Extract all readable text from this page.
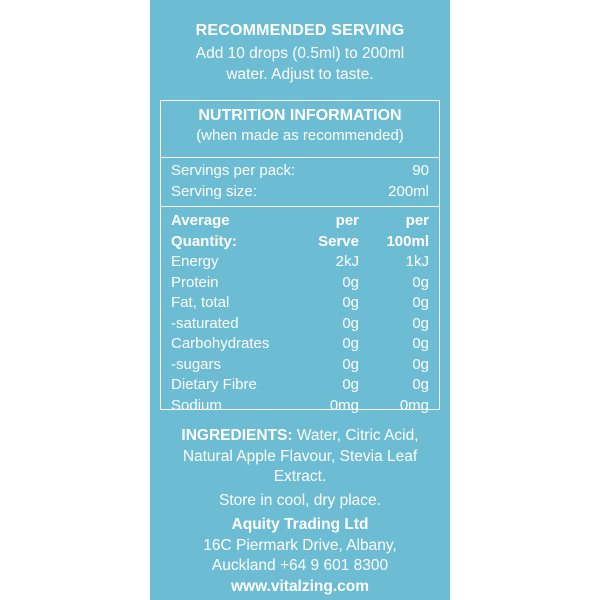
RECOMMENDED SERVING
Add 10 drops (0.5ml) to 200ml
water. Adjust to taste.
NUTRITION INFORMATION
(when made as recommended)
Servings per pack:	90
Serving size:	200ml
Average	per	per
Quantity:	Serve	100ml
Energy	2kJ	1kJ
Protein	0g	0g
Fat, total	0g	0g
-saturated	0g	0g
Carbohydrates	0g	0g
-sugars	0g	0g
Dietary Fibre	0g	0g
Sodium	0mg	0mg
INGREDIENTS: Water, Citric Acid, Natural Apple Flavour, Stevia Leaf Extract.
Store in cool, dry place.
Aquity Trading Ltd
16C Piermark Drive, Albany,
Auckland +64 9 601 8300
www.vitalzing.com
